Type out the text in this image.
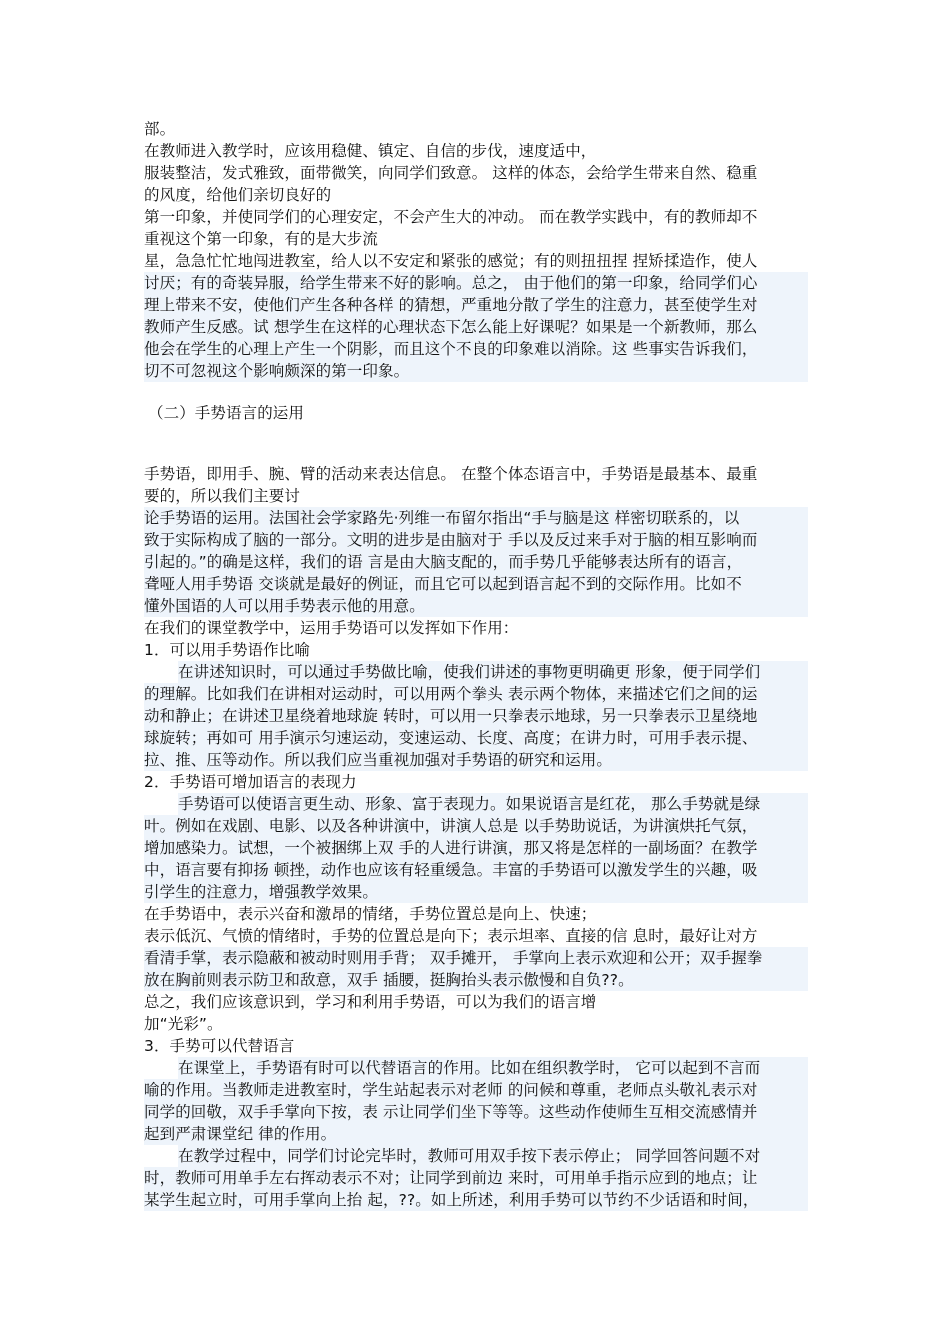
部。
在教师进入教学时，应该用稳健、镇定、自信的步伐，速度适中，
服装整洁，发式雅致，面带微笑，向同学们致意。 这样的体态，会给学生带来自然、稳重
的风度，给他们亲切良好的
第一印象，并使同学们的心理安定，不会产生大的冲动。 而在教学实践中，有的教师却不
重视这个第一印象，有的是大步流
星，急急忙忙地闯进教室，给人以不安定和紧张的感觉；有的则扭扭捏 捏矫揉造作，使人
讨厌；有的奇装异服，给学生带来不好的影响。总之， 由于他们的第一印象，给同学们心
理上带来不安，使他们产生各种各样 的猜想，严重地分散了学生的注意力，甚至使学生对
教师产生反感。试 想学生在这样的心理状态下怎么能上好课呢？如果是一个新教师，那么
他会在学生的心理上产生一个阴影，而且这个不良的印象难以消除。这 些事实告诉我们，
切不可忽视这个影响颇深的第一印象。
（二）手势语言的运用
手势语，即用手、腕、臂的活动来表达信息。 在整个体态语言中，手势语是最基本、最重
要的，所以我们主要讨
论手势语的运用。法国社会学家路先·列维一布留尔指出“手与脑是这 样密切联系的，以
致于实际构成了脑的一部分。文明的进步是由脑对于 手以及反过来手对于脑的相互影响而
引起的。”的确是这样，我们的语 言是由大脑支配的，而手势几乎能够表达所有的语言，
聋哑人用手势语 交谈就是最好的例证，而且它可以起到语言起不到的交际作用。比如不
懂外国语的人可以用手势表示他的用意。
在我们的课堂教学中，运用手势语可以发挥如下作用：
1．可以用手势语作比喻
在讲述知识时，可以通过手势做比喻，使我们讲述的事物更明确更 形象，便于同学们
的理解。比如我们在讲相对运动时，可以用两个拳头 表示两个物体，来描述它们之间的运
动和静止；在讲述卫星绕着地球旋 转时，可以用一只拳表示地球，另一只拳表示卫星绕地
球旋转；再如可 用手演示匀速运动，变速运动、长度、高度；在讲力时，可用手表示提、
拉、推、压等动作。所以我们应当重视加强对手势语的研究和运用。
2．手势语可增加语言的表现力
手势语可以使语言更生动、形象、富于表现力。如果说语言是红花， 那么手势就是绿
叶。例如在戏剧、电影、以及各种讲演中，讲演人总是 以手势助说话，为讲演烘托气氛，
增加感染力。试想，一个被捆绑上双 手的人进行讲演，那又将是怎样的一副场面？在教学
中，语言要有抑扬 顿挫，动作也应该有轻重缓急。丰富的手势语可以激发学生的兴趣，吸
引学生的注意力，增强教学效果。
在手势语中，表示兴奋和激昂的情绪，手势位置总是向上、快速；
表示低沉、气愤的情绪时，手势的位置总是向下；表示坦率、直接的信 息时，最好让对方
看清手掌，表示隐蔽和被动时则用手背； 双手摊开， 手掌向上表示欢迎和公开；双手握拳
放在胸前则表示防卫和敌意，双手 插腰，挺胸抬头表示傲慢和自负??。
总之，我们应该意识到，学习和利用手势语，可以为我们的语言增
加“光彩”。
3．手势可以代替语言
在课堂上，手势语有时可以代替语言的作用。比如在组织教学时， 它可以起到不言而
喻的作用。当教师走进教室时，学生站起表示对老师 的问候和尊重，老师点头敬礼表示对
同学的回敬，双手手掌向下按，表 示让同学们坐下等等。这些动作使师生互相交流感情并
起到严肃课堂纪 律的作用。
在教学过程中，同学们讨论完毕时，教师可用双手按下表示停止； 同学回答问题不对
时，教师可用单手左右挥动表示不对；让同学到前边 来时，可用单手指示应到的地点；让
某学生起立时，可用手掌向上抬 起，??。如上所述，利用手势可以节约不少话语和时间，
